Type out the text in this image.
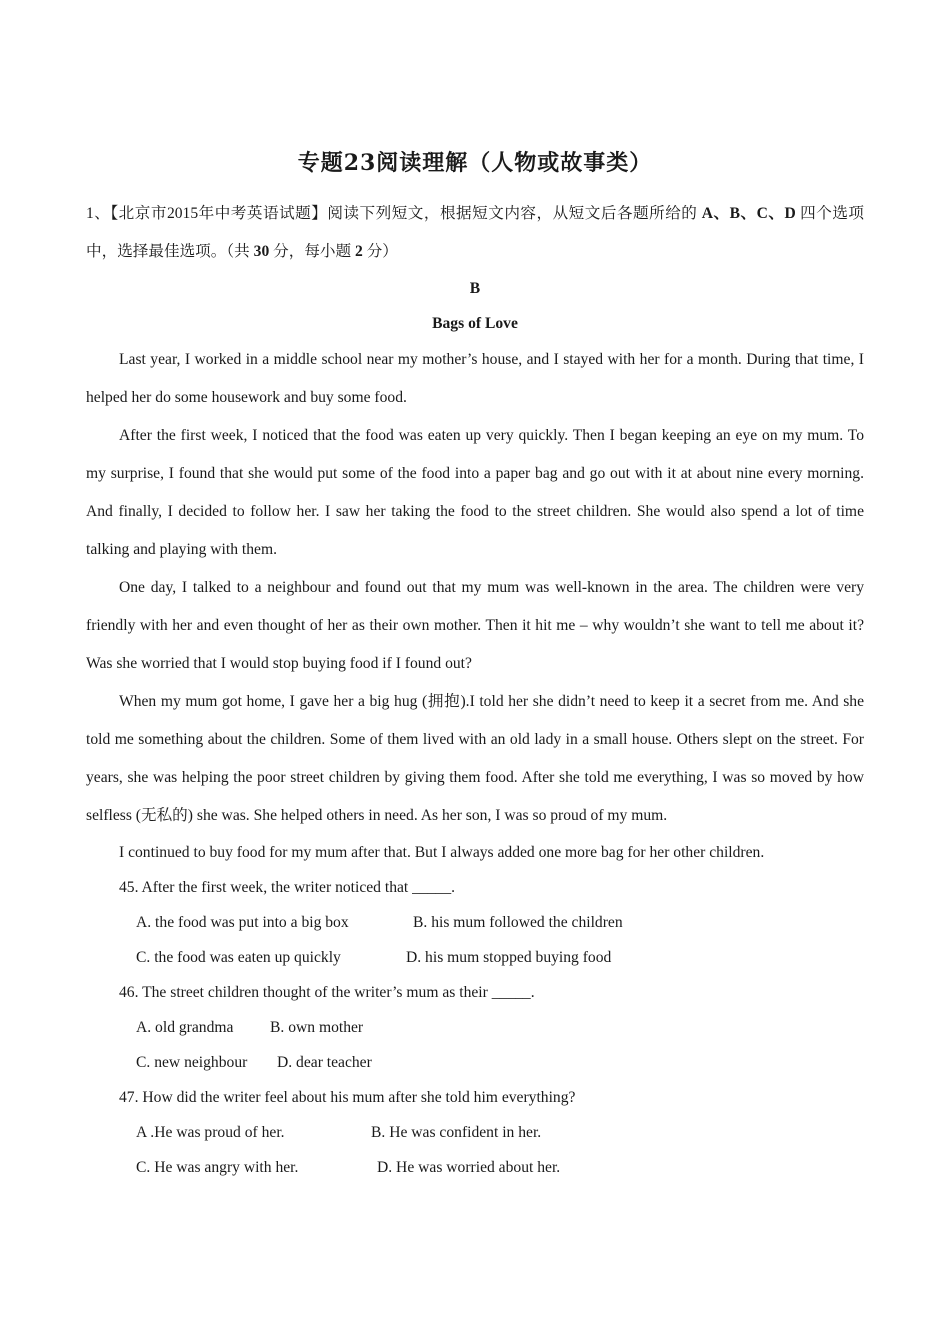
专题23阅读理解（人物或故事类）

1、【北京市2015年中考英语试题】阅读下列短文，根据短文内容，从短文后各题所给的 A、B、C、D 四个选项中，选择最佳选项。（共 30 分，每小题 2 分）

B

Bags of Love

Last year, I worked in a middle school near my mother’s house, and I stayed with her for a month. During that time, I helped her do some housework and buy some food.

After the first week, I noticed that the food was eaten up very quickly. Then I began keeping an eye on my mum. To my surprise, I found that she would put some of the food into a paper bag and go out with it at about nine every morning. And finally, I decided to follow her. I saw her taking the food to the street children. She would also spend a lot of time talking and playing with them.

One day, I talked to a neighbour and found out that my mum was well-known in the area. The children were very friendly with her and even thought of her as their own mother. Then it hit me – why wouldn’t she want to tell me about it? Was she worried that I would stop buying food if I found out?

When my mum got home, I gave her a big hug (拥抱).I told her she didn’t need to keep it a secret from me. And she told me something about the children. Some of them lived with an old lady in a small house. Others slept on the street. For years, she was helping the poor street children by giving them food. After she told me everything, I was so moved by how selfless (无私的) she was. She helped others in need. As her son, I was so proud of my mum.

I continued to buy food for my mum after that. But I always added one more bag for her other children.

45. After the first week, the writer noticed that _____.

A. the food was put into a big box	B. his mum followed the children

C. the food was eaten up quickly	D. his mum stopped buying food

46. The street children thought of the writer’s mum as their _____.

A. old grandma B. own mother

C. new neighbour D. dear teacher

47. How did the writer feel about his mum after she told him everything?

A .He was proud of her.	B. He was confident in her.

C. He was angry with her.	D. He was worried about her.
